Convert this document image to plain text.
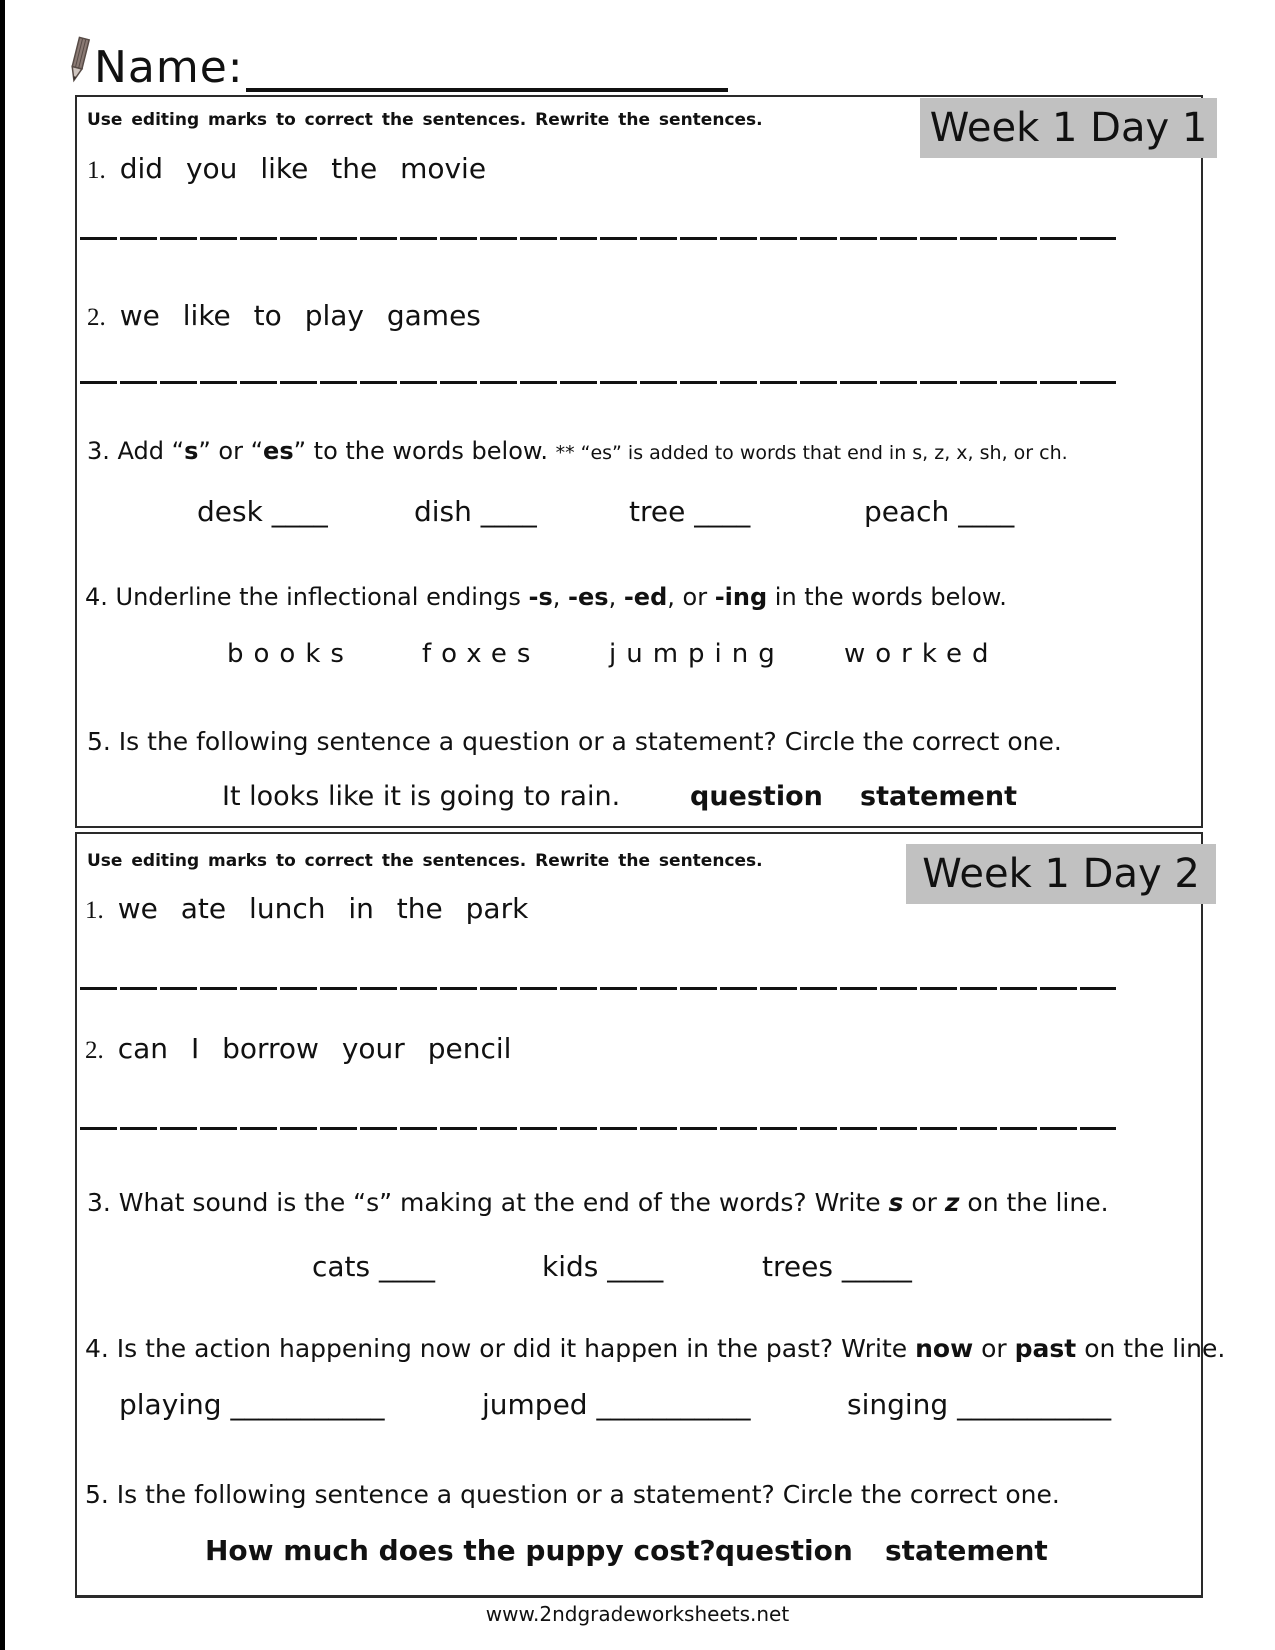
Name:
Use editing marks to correct the sentences. Rewrite the sentences.	Week 1 Day 1
1. did you like the movie
2. we like to play games
3. Add “s” or “es” to the words below. ** “es” is added to words that end in s, z, x, sh, or ch.
desk ____	dish ____	tree ____	peach ____
4. Underline the inflectional endings -s, -es, -ed, or -ing in the words below.
books	foxes	jumping worked
5. Is the following sentence a question or a statement? Circle the correct one.
It looks like it is going to rain.	question statement
Use editing marks to correct the sentences. Rewrite the sentences.	Week 1 Day 2
1. we ate lunch in the park
2. can I borrow your pencil
3. What sound is the “s” making at the end of the words? Write s or z on the line.
cats ____	kids ____	trees _____
4. Is the action happening now or did it happen in the past? Write now or past on the line.
playing ___________	jumped ___________	singing ___________
5. Is the following sentence a question or a statement? Circle the correct one.
How much does the puppy cost? question statement
www.2ndgradeworksheets.net
